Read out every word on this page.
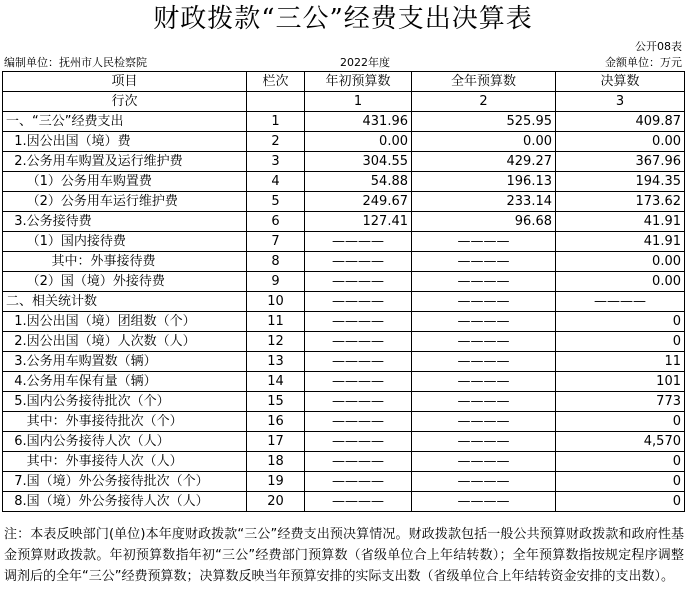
财政拨款“三公”经费支出决算表
公开08表
编制单位：抚州市人民检察院	2022年度	金额单位：万元
项目	栏次	年初预算数	全年预算数	决算数
行次		1	2	3
一、“三公”经费支出	1	431.96	525.95	409.87
1.因公出国（境）费	2	0.00	0.00	0.00
2.公务用车购置及运行维护费	3	304.55	429.27	367.96
（1）公务用车购置费	4	54.88	196.13	194.35
（2）公务用车运行维护费	5	249.67	233.14	173.62
3.公务接待费	6	127.41	96.68	41.91
（1）国内接待费	7	————	————	41.91
其中：外事接待费	8	————	————	0.00
（2）国（境）外接待费	9	————	————	0.00
二、相关统计数	10	————	————	————
1.因公出国（境）团组数（个）	11	————	————	0
2.因公出国（境）人次数（人）	12	————	————	0
3.公务用车购置数（辆）	13	————	————	11
4.公务用车保有量（辆）	14	————	————	101
5.国内公务接待批次（个）	15	————	————	773
其中：外事接待批次（个）	16	————	————	0
6.国内公务接待人次（人）	17	————	————	4,570
其中：外事接待人次（人）	18	————	————	0
7.国（境）外公务接待批次（个）	19	————	————	0
8.国（境）外公务接待人次（人）	20	————	————	0
注：本表反映部门(单位)本年度财政拨款“三公”经费支出预决算情况。财政拨款包括一般公共预算财政拨款和政府性基金预算财政拨款。年初预算数指年初“三公”经费部门预算数（省级单位合上年结转数）；全年预算数指按规定程序调整调剂后的全年“三公”经费预算数；决算数反映当年预算安排的实际支出数（省级单位合上年结转资金安排的支出数）。
